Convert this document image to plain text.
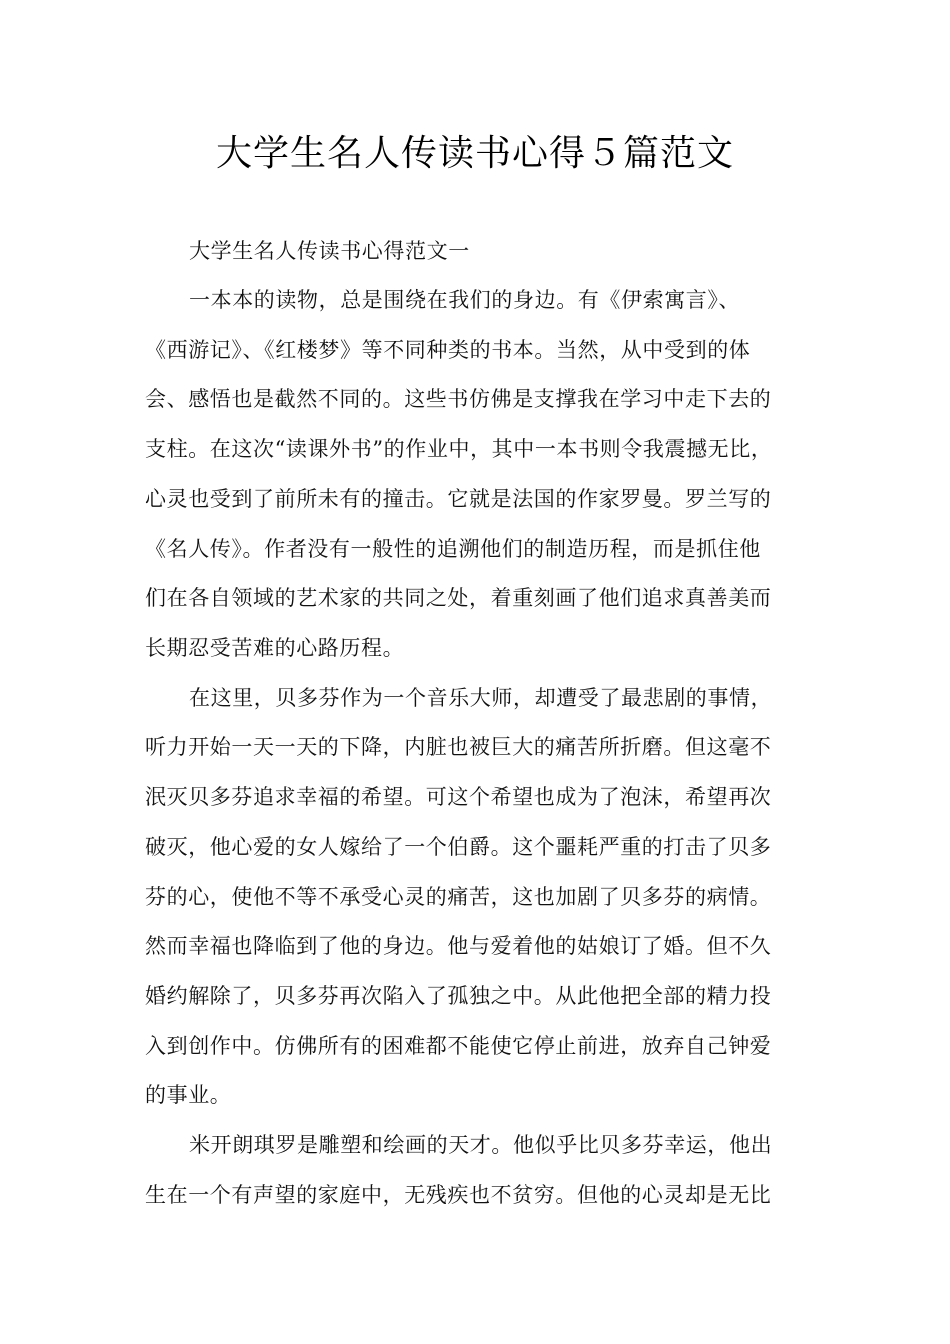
大学生名人传读书心得５篇范文
大学生名人传读书心得范文一
一本本的读物，总是围绕在我们的身边。有《伊索寓言》、
《西游记》、《红楼梦》等不同种类的书本。当然，从中受到的体
会、感悟也是截然不同的。这些书仿佛是支撑我在学习中走下去的
支柱。在这次“读课外书”的作业中，其中一本书则令我震撼无比，
心灵也受到了前所未有的撞击。它就是法国的作家罗曼。罗兰写的
《名人传》。作者没有一般性的追溯他们的制造历程，而是抓住他
们在各自领域的艺术家的共同之处，着重刻画了他们追求真善美而
长期忍受苦难的心路历程。
在这里，贝多芬作为一个音乐大师，却遭受了最悲剧的事情，
听力开始一天一天的下降，内脏也被巨大的痛苦所折磨。但这毫不
泯灭贝多芬追求幸福的希望。可这个希望也成为了泡沫，希望再次
破灭，他心爱的女人嫁给了一个伯爵。这个噩耗严重的打击了贝多
芬的心，使他不等不承受心灵的痛苦，这也加剧了贝多芬的病情。
然而幸福也降临到了他的身边。他与爱着他的姑娘订了婚。但不久
婚约解除了，贝多芬再次陷入了孤独之中。从此他把全部的精力投
入到创作中。仿佛所有的困难都不能使它停止前进，放弃自己钟爱
的事业。
米开朗琪罗是雕塑和绘画的天才。他似乎比贝多芬幸运，他出
生在一个有声望的家庭中，无残疾也不贫穷。但他的心灵却是无比
